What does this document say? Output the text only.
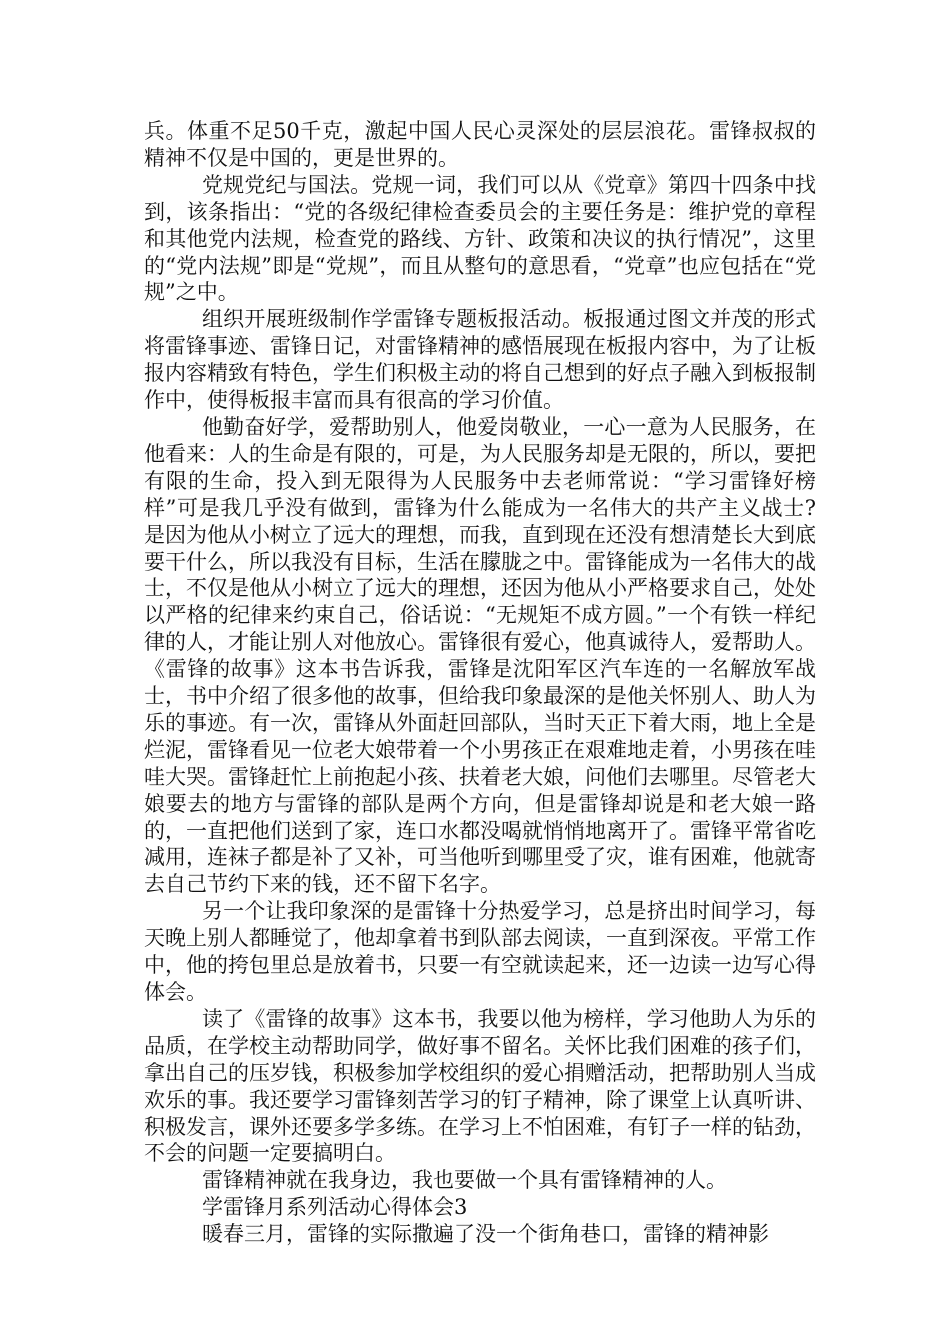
兵。体重不足50千克，激起中国人民心灵深处的层层浪花。雷锋叔叔的精神不仅是中国的，更是世界的。

党规党纪与国法。党规一词，我们可以从《党章》第四十四条中找到，该条指出：“党的各级纪律检查委员会的主要任务是：维护党的章程和其他党内法规，检查党的路线、方针、政策和决议的执行情况”，这里的“党内法规”即是“党规”，而且从整句的意思看，“党章”也应包括在“党规”之中。

组织开展班级制作学雷锋专题板报活动。板报通过图文并茂的形式将雷锋事迹、雷锋日记，对雷锋精神的感悟展现在板报内容中，为了让板报内容精致有特色，学生们积极主动的将自己想到的好点子融入到板报制作中，使得板报丰富而具有很高的学习价值。

他勤奋好学，爱帮助别人，他爱岗敬业，一心一意为人民服务，在他看来：人的生命是有限的，可是，为人民服务却是无限的，所以，要把有限的生命，投入到无限得为人民服务中去老师常说：“学习雷锋好榜样”可是我几乎没有做到，雷锋为什么能成为一名伟大的共产主义战士?是因为他从小树立了远大的理想，而我，直到现在还没有想清楚长大到底要干什么，所以我没有目标，生活在朦胧之中。雷锋能成为一名伟大的战士，不仅是他从小树立了远大的理想，还因为他从小严格要求自己，处处以严格的纪律来约束自己，俗话说：“无规矩不成方圆。”一个有铁一样纪律的人，才能让别人对他放心。雷锋很有爱心，他真诚待人，爱帮助人。《雷锋的故事》这本书告诉我，雷锋是沈阳军区汽车连的一名解放军战士，书中介绍了很多他的故事，但给我印象最深的是他关怀别人、助人为乐的事迹。有一次，雷锋从外面赶回部队，当时天正下着大雨，地上全是烂泥，雷锋看见一位老大娘带着一个小男孩正在艰难地走着，小男孩在哇哇大哭。雷锋赶忙上前抱起小孩、扶着老大娘，问他们去哪里。尽管老大娘要去的地方与雷锋的部队是两个方向，但是雷锋却说是和老大娘一路的，一直把他们送到了家，连口水都没喝就悄悄地离开了。雷锋平常省吃减用，连袜子都是补了又补，可当他听到哪里受了灾，谁有困难，他就寄去自己节约下来的钱，还不留下名字。

另一个让我印象深的是雷锋十分热爱学习，总是挤出时间学习，每天晚上别人都睡觉了，他却拿着书到队部去阅读，一直到深夜。平常工作中，他的挎包里总是放着书，只要一有空就读起来，还一边读一边写心得体会。

读了《雷锋的故事》这本书，我要以他为榜样，学习他助人为乐的品质，在学校主动帮助同学，做好事不留名。关怀比我们困难的孩子们，拿出自己的压岁钱，积极参加学校组织的爱心捐赠活动，把帮助别人当成欢乐的事。我还要学习雷锋刻苦学习的钉子精神，除了课堂上认真听讲、积极发言，课外还要多学多练。在学习上不怕困难，有钉子一样的钻劲，不会的问题一定要搞明白。

雷锋精神就在我身边，我也要做一个具有雷锋精神的人。

学雷锋月系列活动心得体会3

暖春三月，雷锋的实际撒遍了没一个街角巷口，雷锋的精神影
